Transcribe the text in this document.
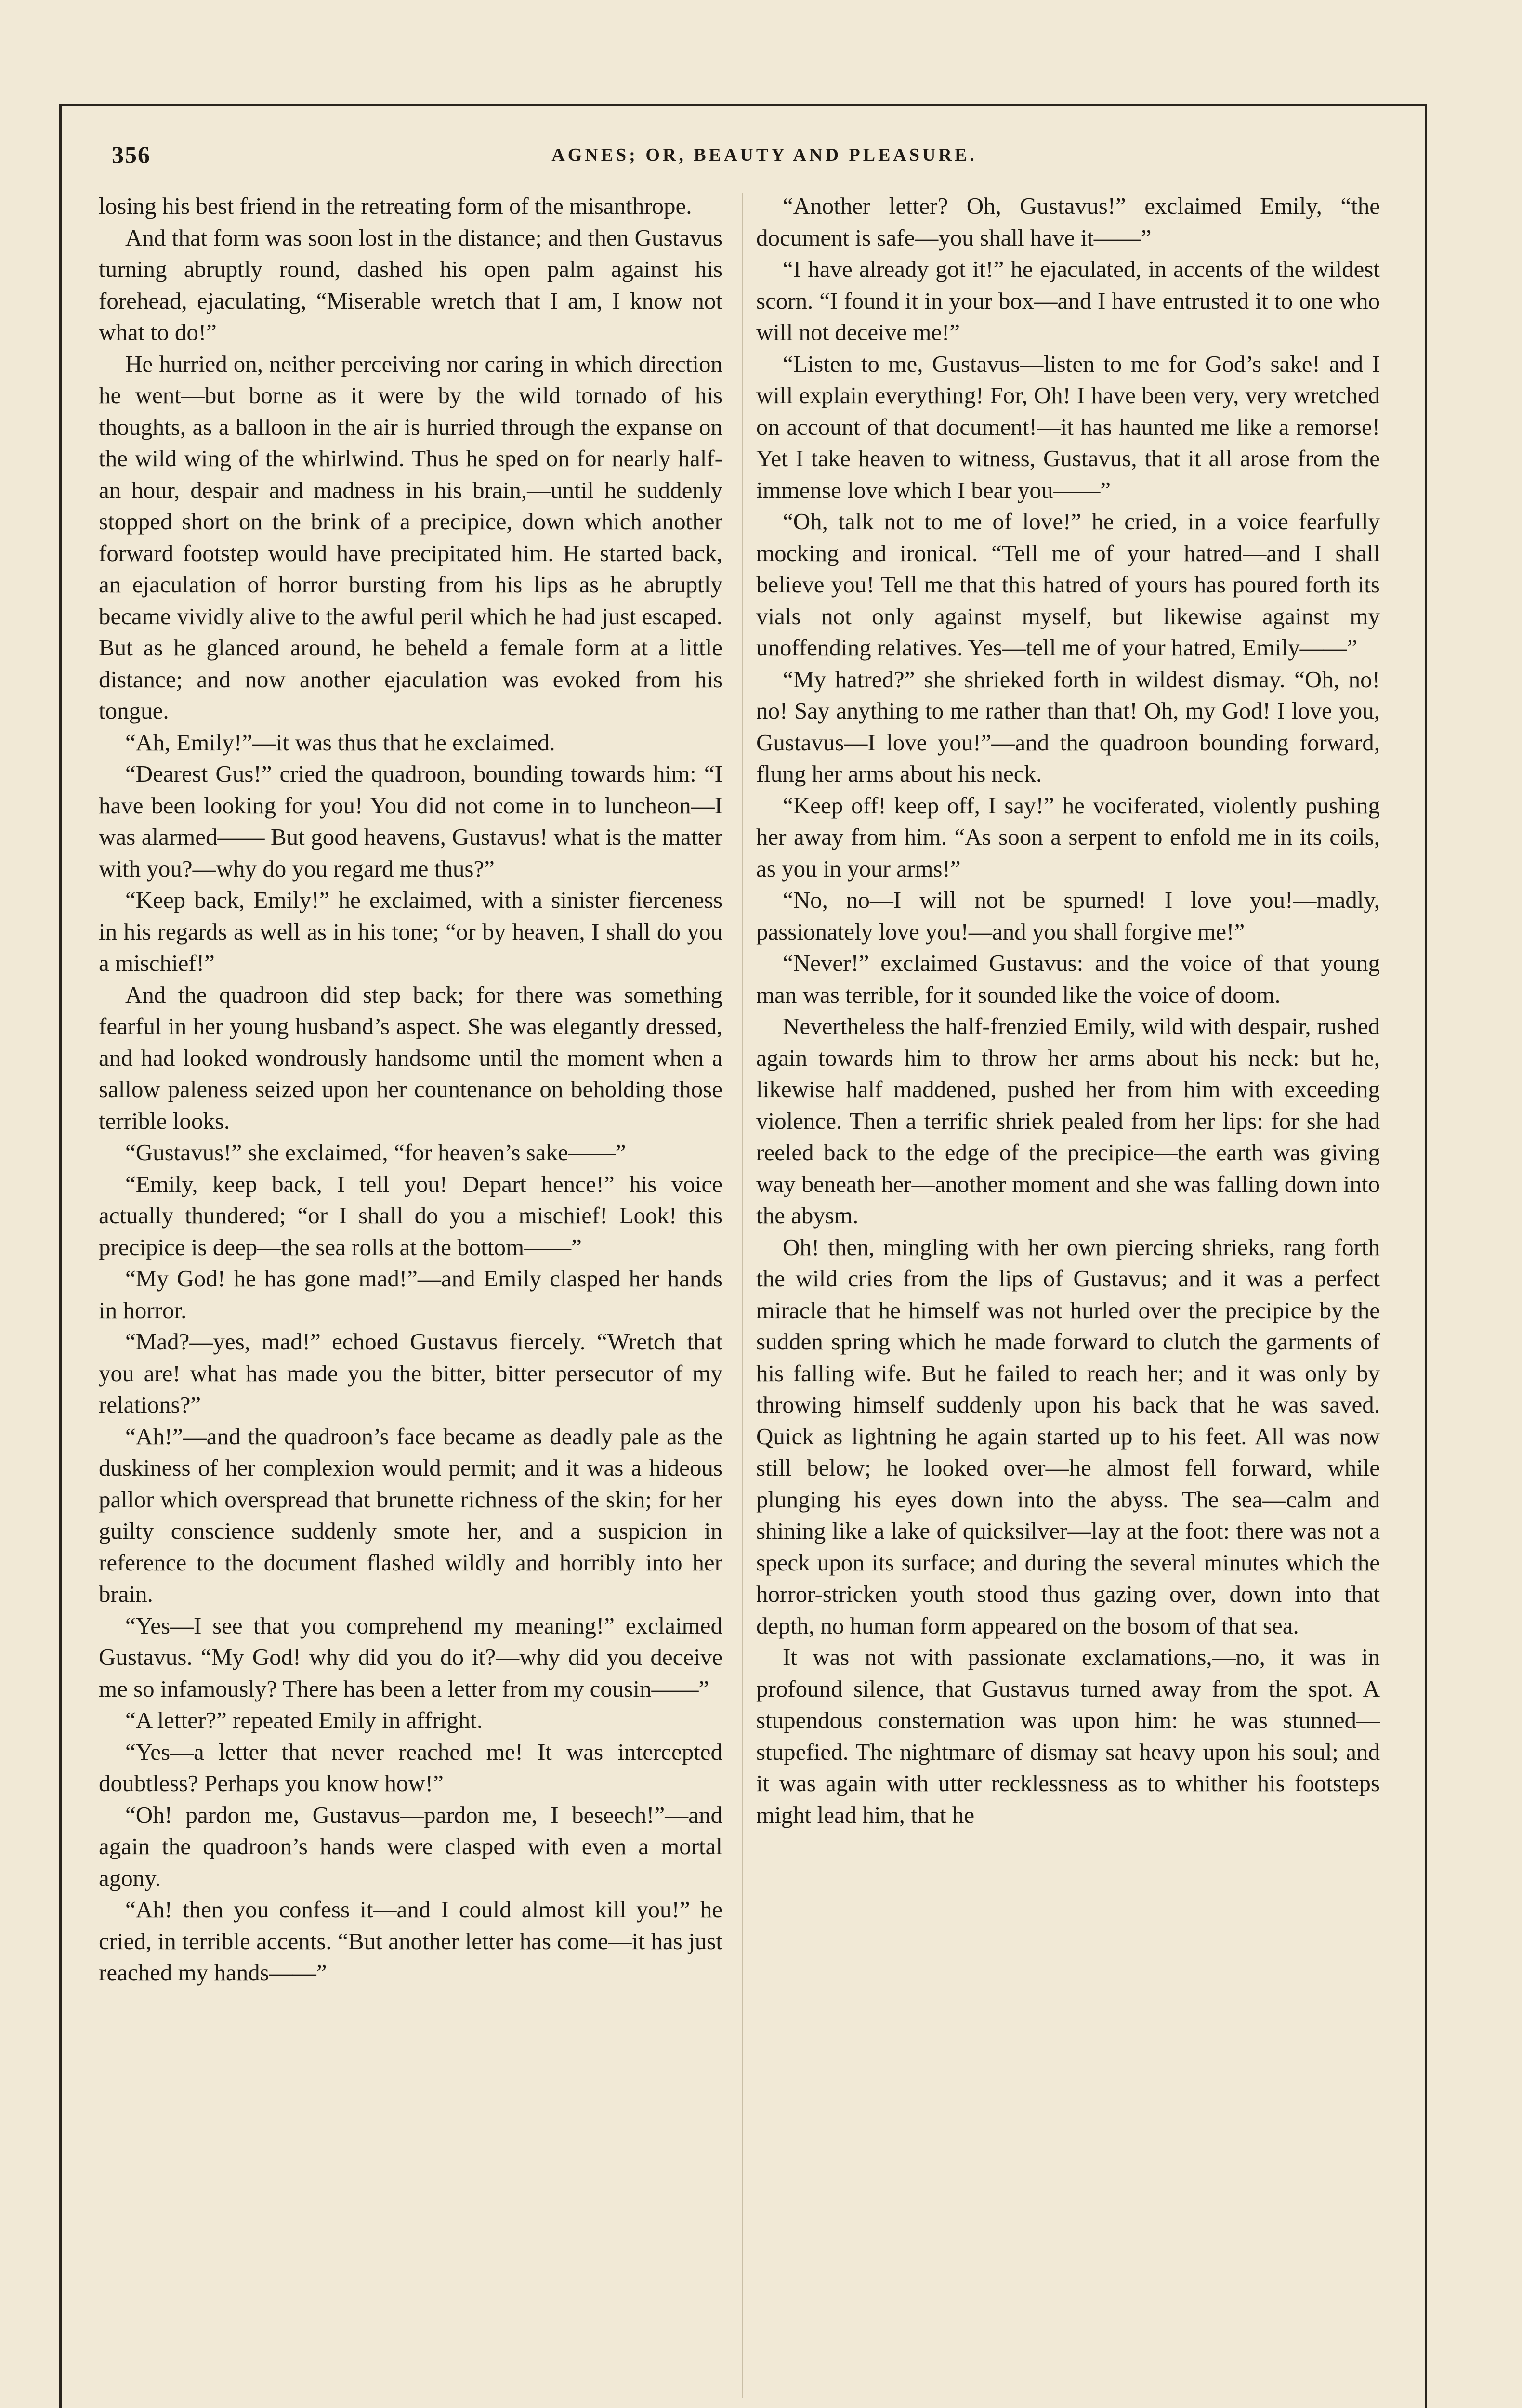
356	AGNES; OR, BEAUTY AND PLEASURE.

losing his best friend in the retreating form of the misanthrope.

And that form was soon lost in the distance; and then Gustavus turning abruptly round, dashed his open palm against his forehead, ejaculating, “Miserable wretch that I am, I know not what to do!”

He hurried on, neither perceiving nor caring in which direction he went—but borne as it were by the wild tornado of his thoughts, as a balloon in the air is hurried through the expanse on the wild wing of the whirlwind. Thus he sped on for nearly half-an hour, despair and madness in his brain,—until he suddenly stopped short on the brink of a precipice, down which another forward footstep would have precipitated him. He started back, an ejaculation of horror bursting from his lips as he abruptly became vividly alive to the awful peril which he had just escaped. But as he glanced around, he beheld a female form at a little distance; and now another ejaculation was evoked from his tongue.

“Ah, Emily!”—it was thus that he exclaimed.

“Dearest Gus!” cried the quadroon, bounding towards him: “I have been looking for you! You did not come in to luncheon—I was alarmed—— But good heavens, Gustavus! what is the matter with you?—why do you regard me thus?”

“Keep back, Emily!” he exclaimed, with a sinister fierceness in his regards as well as in his tone; “or by heaven, I shall do you a mischief!”

And the quadroon did step back; for there was something fearful in her young husband’s aspect. She was elegantly dressed, and had looked wondrously handsome until the moment when a sallow paleness seized upon her countenance on beholding those terrible looks.

“Gustavus!” she exclaimed, “for heaven’s sake——”

“Emily, keep back, I tell you! Depart hence!” his voice actually thundered; “or I shall do you a mischief! Look! this precipice is deep—the sea rolls at the bottom——”

“My God! he has gone mad!”—and Emily clasped her hands in horror.

“Mad?—yes, mad!” echoed Gustavus fiercely. “Wretch that you are! what has made you the bitter, bitter persecutor of my relations?”

“Ah!”—and the quadroon’s face became as deadly pale as the duskiness of her complexion would permit; and it was a hideous pallor which overspread that brunette richness of the skin; for her guilty conscience suddenly smote her, and a suspicion in reference to the document flashed wildly and horribly into her brain.

“Yes—I see that you comprehend my meaning!” exclaimed Gustavus. “My God! why did you do it?—why did you deceive me so infamously? There has been a letter from my cousin——”

“A letter?” repeated Emily in affright.

“Yes—a letter that never reached me! It was intercepted doubtless? Perhaps you know how!”

“Oh! pardon me, Gustavus—pardon me, I beseech!”—and again the quadroon’s hands were clasped with even a mortal agony.

“Ah! then you confess it—and I could almost kill you!” he cried, in terrible accents. “But another letter has come—it has just reached my hands——”

“Another letter? Oh, Gustavus!” exclaimed Emily, “the document is safe—you shall have it——”

“I have already got it!” he ejaculated, in accents of the wildest scorn. “I found it in your box—and I have entrusted it to one who will not deceive me!”

“Listen to me, Gustavus—listen to me for God’s sake! and I will explain everything! For, Oh! I have been very, very wretched on account of that document!—it has haunted me like a remorse! Yet I take heaven to witness, Gustavus, that it all arose from the immense love which I bear you——”

“Oh, talk not to me of love!” he cried, in a voice fearfully mocking and ironical. “Tell me of your hatred—and I shall believe you! Tell me that this hatred of yours has poured forth its vials not only against myself, but likewise against my unoffending relatives. Yes—tell me of your hatred, Emily——”

“My hatred?” she shrieked forth in wildest dismay. “Oh, no! no! Say anything to me rather than that! Oh, my God! I love you, Gustavus—I love you!”—and the quadroon bounding forward, flung her arms about his neck.

“Keep off! keep off, I say!” he vociferated, violently pushing her away from him. “As soon a serpent to enfold me in its coils, as you in your arms!”

“No, no—I will not be spurned! I love you!—madly, passionately love you!—and you shall forgive me!”

“Never!” exclaimed Gustavus: and the voice of that young man was terrible, for it sounded like the voice of doom.

Nevertheless the half-frenzied Emily, wild with despair, rushed again towards him to throw her arms about his neck: but he, likewise half maddened, pushed her from him with exceeding violence. Then a terrific shriek pealed from her lips: for she had reeled back to the edge of the precipice—the earth was giving way beneath her—another moment and she was falling down into the abysm.

Oh! then, mingling with her own piercing shrieks, rang forth the wild cries from the lips of Gustavus; and it was a perfect miracle that he himself was not hurled over the precipice by the sudden spring which he made forward to clutch the garments of his falling wife. But he failed to reach her; and it was only by throwing himself suddenly upon his back that he was saved. Quick as lightning he again started up to his feet. All was now still below; he looked over—he almost fell forward, while plunging his eyes down into the abyss. The sea—calm and shining like a lake of quicksilver—lay at the foot: there was not a speck upon its surface; and during the several minutes which the horror-stricken youth stood thus gazing over, down into that depth, no human form appeared on the bosom of that sea.

It was not with passionate exclamations,—no, it was in profound silence, that Gustavus turned away from the spot. A stupendous consternation was upon him: he was stunned—stupefied. The nightmare of dismay sat heavy upon his soul; and it was again with utter recklessness as to whither his footsteps might lead him, that he
